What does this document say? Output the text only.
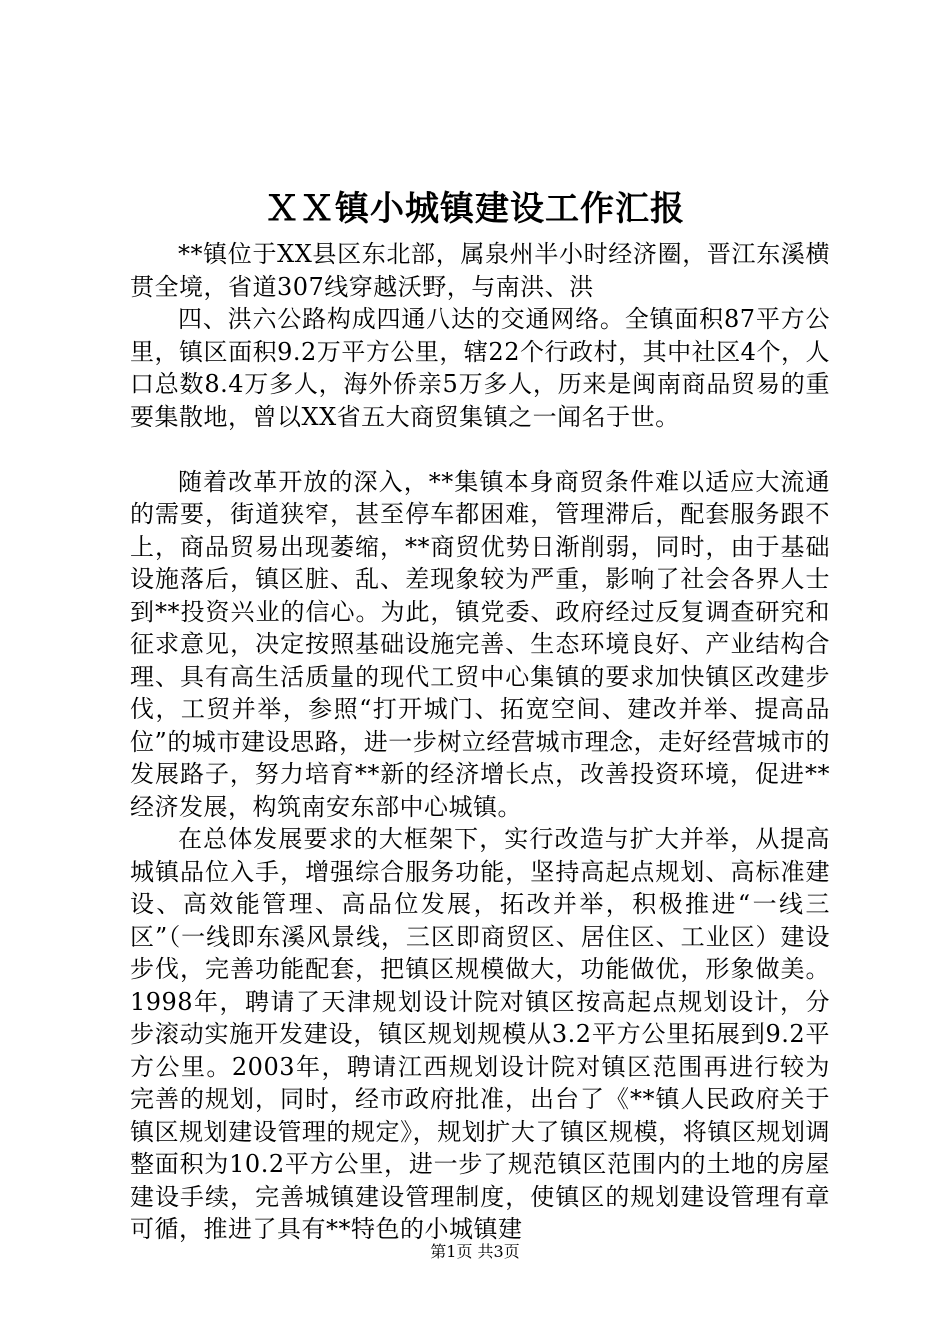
ＸＸ镇小城镇建设工作汇报

**镇位于XX县区东北部，属泉州半小时经济圈，晋江东溪横贯全境，省道307线穿越沃野，与南洪、洪

四、洪六公路构成四通八达的交通网络。全镇面积87平方公里，镇区面积9.2万平方公里，辖22个行政村，其中社区4个，人口总数8.4万多人，海外侨亲5万多人，历来是闽南商品贸易的重要集散地，曾以XX省五大商贸集镇之一闻名于世。

随着改革开放的深入，**集镇本身商贸条件难以适应大流通的需要，街道狭窄，甚至停车都困难，管理滞后，配套服务跟不上，商品贸易出现萎缩，**商贸优势日渐削弱，同时，由于基础设施落后，镇区脏、乱、差现象较为严重，影响了社会各界人士到**投资兴业的信心。为此，镇党委、政府经过反复调查研究和征求意见，决定按照基础设施完善、生态环境良好、产业结构合理、具有高生活质量的现代工贸中心集镇的要求加快镇区改建步伐，工贸并举，参照“打开城门、拓宽空间、建改并举、提高品位”的城市建设思路，进一步树立经营城市理念，走好经营城市的发展路子，努力培育**新的经济增长点，改善投资环境，促进**经济发展，构筑南安东部中心城镇。

在总体发展要求的大框架下，实行改造与扩大并举，从提高城镇品位入手，增强综合服务功能，坚持高起点规划、高标准建设、高效能管理、高品位发展，拓改并举，积极推进“一线三区”（一线即东溪风景线，三区即商贸区、居住区、工业区）建设步伐，完善功能配套，把镇区规模做大，功能做优，形象做美。1998年，聘请了天津规划设计院对镇区按高起点规划设计，分步滚动实施开发建设，镇区规划规模从3.2平方公里拓展到9.2平方公里。2003年，聘请江西规划设计院对镇区范围再进行较为完善的规划，同时，经市政府批准，出台了《**镇人民政府关于镇区规划建设管理的规定》，规划扩大了镇区规模，将镇区规划调整面积为10.2平方公里，进一步了规范镇区范围内的土地的房屋建设手续，完善城镇建设管理制度，使镇区的规划建设管理有章可循，推进了具有**特色的小城镇建

第1页 共3页
